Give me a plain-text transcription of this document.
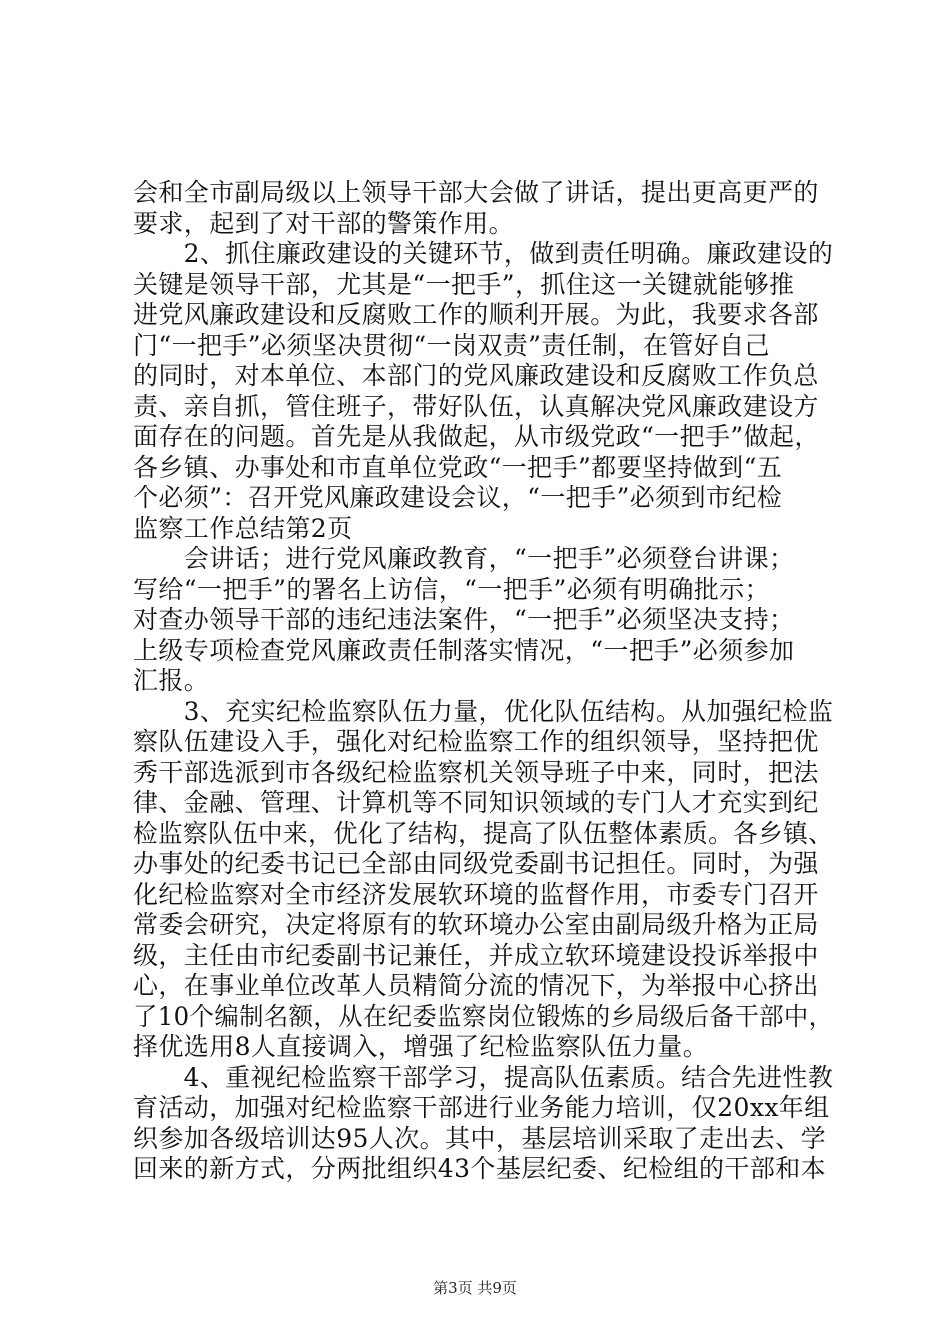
会和全市副局级以上领导干部大会做了讲话，提出更高更严的
要求，起到了对干部的警策作用。
　　2、抓住廉政建设的关键环节，做到责任明确。廉政建设的
关键是领导干部，尤其是“一把手”，抓住这一关键就能够推
进党风廉政建设和反腐败工作的顺利开展。为此，我要求各部
门“一把手”必须坚决贯彻“一岗双责”责任制，在管好自己
的同时，对本单位、本部门的党风廉政建设和反腐败工作负总
责、亲自抓，管住班子，带好队伍，认真解决党风廉政建设方
面存在的问题。首先是从我做起，从市级党政“一把手”做起，
各乡镇、办事处和市直单位党政“一把手”都要坚持做到“五
个必须”：召开党风廉政建设会议，“一把手”必须到市纪检
监察工作总结第2页
　　会讲话；进行党风廉政教育，“一把手”必须登台讲课；
写给“一把手”的署名上访信，“一把手”必须有明确批示；
对查办领导干部的违纪违法案件，“一把手”必须坚决支持；
上级专项检查党风廉政责任制落实情况，“一把手”必须参加
汇报。
　　3、充实纪检监察队伍力量，优化队伍结构。从加强纪检监
察队伍建设入手，强化对纪检监察工作的组织领导，坚持把优
秀干部选派到市各级纪检监察机关领导班子中来，同时，把法
律、金融、管理、计算机等不同知识领域的专门人才充实到纪
检监察队伍中来，优化了结构，提高了队伍整体素质。各乡镇、
办事处的纪委书记已全部由同级党委副书记担任。同时，为强
化纪检监察对全市经济发展软环境的监督作用，市委专门召开
常委会研究，决定将原有的软环境办公室由副局级升格为正局
级，主任由市纪委副书记兼任，并成立软环境建设投诉举报中
心，在事业单位改革人员精简分流的情况下，为举报中心挤出
了10个编制名额，从在纪委监察岗位锻炼的乡局级后备干部中，
择优选用8人直接调入，增强了纪检监察队伍力量。
　　4、重视纪检监察干部学习，提高队伍素质。结合先进性教
育活动，加强对纪检监察干部进行业务能力培训，仅20xx年组
织参加各级培训达95人次。其中，基层培训采取了走出去、学
回来的新方式，分两批组织43个基层纪委、纪检组的干部和本
第3页 共9页
